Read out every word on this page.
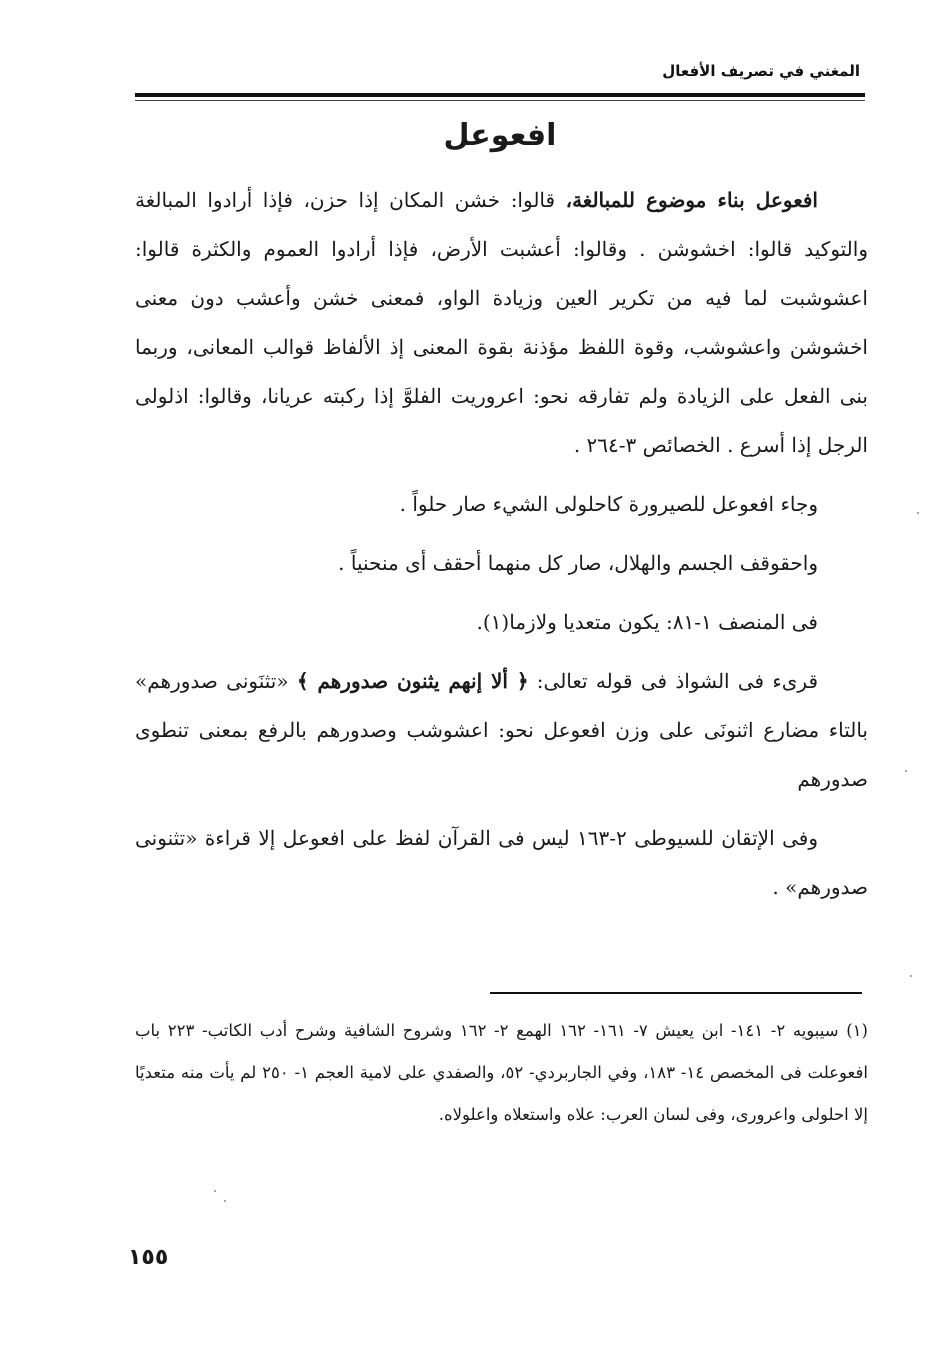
المغني في تصريف الأفعال
افعوعل

افعوعل بناء موضوع للمبالغة، قالوا: خشن المكان إذا حزن، فإذا أرادوا المبالغة والتوكيد قالوا: اخشوشن . وقالوا: أعشبت الأرض، فإذا أرادوا العموم والكثرة قالوا: اعشوشبت لما فيه من تكرير العين وزيادة الواو، فمعنى خشن وأعشب دون معنى اخشوشن واعشوشب، وقوة اللفظ مؤذنة بقوة المعنى إذ الألفاظ قوالب المعانى، وربما بنى الفعل على الزيادة ولم تفارقه نحو: اعروريت الفلوَّ إذا ركبته عريانا، وقالوا: اذلولى الرجل إذا أسرع . الخصائص ٣-٢٦٤ .

وجاء افعوعل للصيرورة كاحلولى الشيء صار حلواً .

واحقوقف الجسم والهلال، صار كل منهما أحقف أى منحنياً .

فى المنصف ١-٨١: يكون متعديا ولازما(١).

قرىء فى الشواذ فى قوله تعالى: ﴿ ألا إنهم يثنون صدورهم ﴾ «تثنَونى صدورهم» بالتاء مضارع اثنونَى على وزن افعوعل نحو: اعشوشب وصدورهم بالرفع بمعنى تنطوى صدورهم

وفى الإتقان للسيوطى ٢-١٦٣ ليس فى القرآن لفظ على افعوعل إلا قراءة «تثنونى صدورهم» .

(١) سيبويه ٢- ١٤١- ابن يعيش ٧- ١٦١- ١٦٢ الهمع ٢- ١٦٢ وشروح الشافية وشرح أدب الكاتب- ٢٢٣ باب افعوعلت فى المخصص ١٤- ١٨٣، وفي الجاربردي- ٥٢، والصفدي على لامية العجم ١- ٢٥٠ لم يأت منه متعديًا إلا احلولى واعرورى، وفى لسان العرب: علاه واستعلاه واعلولاه.

١٥٥
